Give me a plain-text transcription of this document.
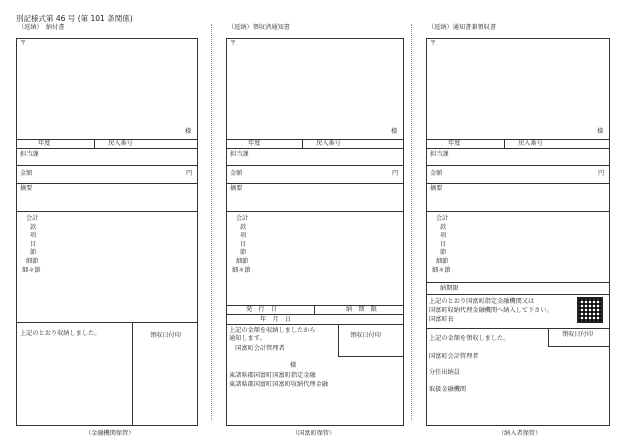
別記様式第 46 号 (第 101 条関係)
（返納）　納付書
〒
様
年度	戻入番号
担当課
金額	円
摘要
会計
款
項
目
節
細節
細々節
上記のとおり収納しました。	領収日付印
（金融機関保管）
（返納）領収済通知書
〒
様
年度	戻入番号
担当課
金額	円
摘要
会計
款
項
目
節
細節
細々節
発　行　日	納　期　限
年　月　日
上記の金額を収納しましたから
通知します。
　国富町会計管理者
様
東諸県郡国富町国富町指定金融
東諸県郡国富町国富町収納代理金融
領収日付印
（国富町保管）
（返納）通知書兼領収書
〒
様
年度	戻入番号
担当課
金額	円
摘要
会計
款
項
目
節
細節
細々節
納期限
上記のとおり国富町指定金融機関又は
国富町収納代理金融機関へ納入して下さい。
国富町長
上記の金額を領収しました。
領収日付印
国富町会計管理者
分任出納員
取扱金融機関
（納入者保管）
